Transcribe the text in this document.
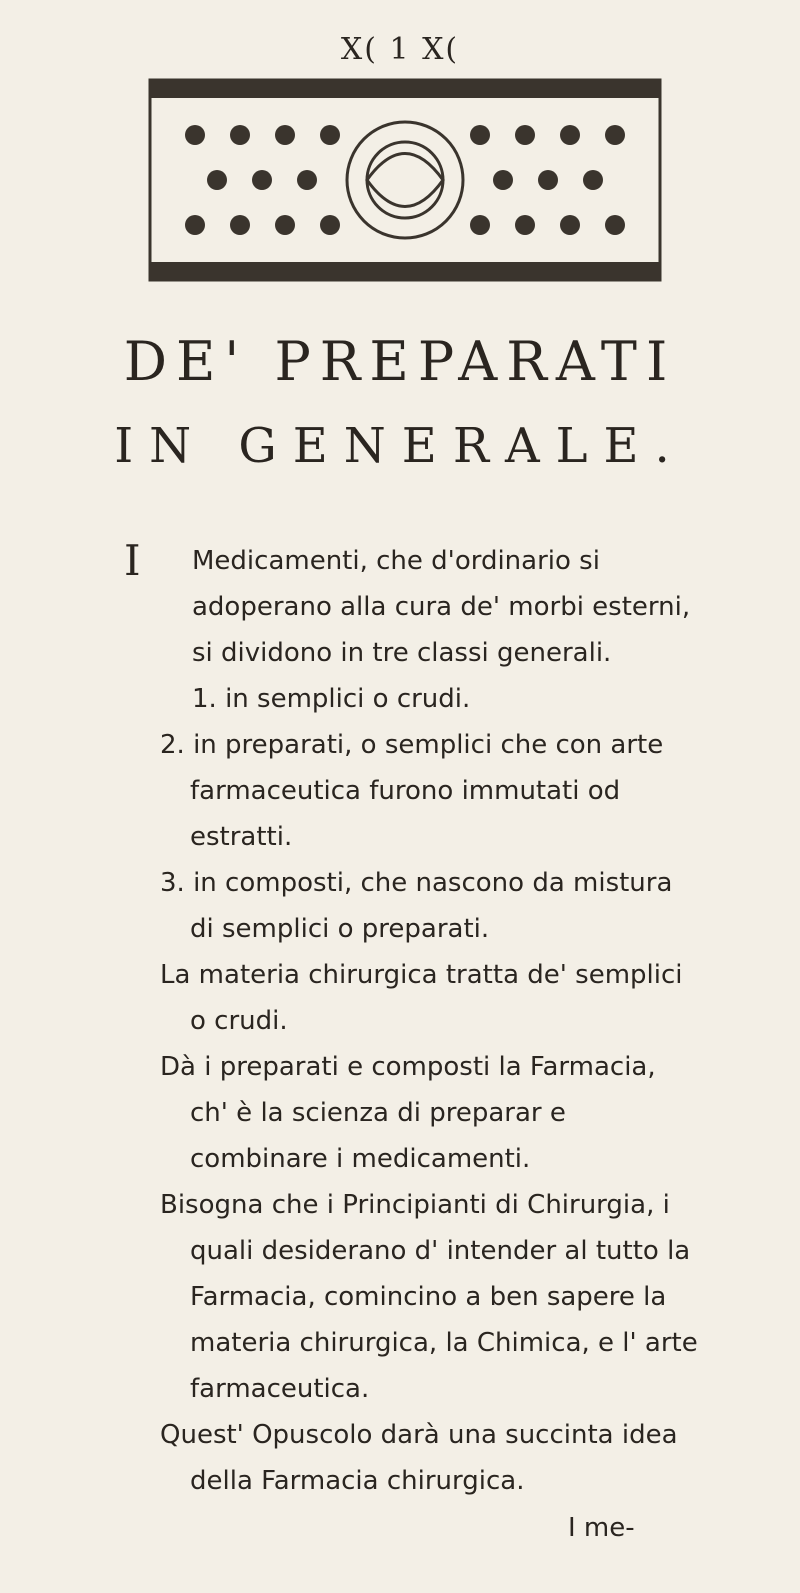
X( 1 X(
DE' PREPARATI
IN GENERALE.
I	Medicamenti, che d'ordinario si adoperano alla cura de' morbi esterni, si dividono in tre classi generali.

1. in semplici o crudi.

2. in preparati, o semplici che con arte farmaceutica furono immutati od estratti.

3. in composti, che nascono da mistura di semplici o preparati.

La materia chirurgica tratta de' semplici o crudi.

Dà i preparati e composti la Farmacia, ch' è la scienza di preparar e combinare i medicamenti.

Bisogna che i Principianti di Chirurgia, i quali desiderano d' intender al tutto la Farmacia, comincino a ben sapere la materia chirurgica, la Chimica, e l' arte farmaceutica.

Quest' Opuscolo darà una succinta idea della Farmacia chirurgica.

I me-
